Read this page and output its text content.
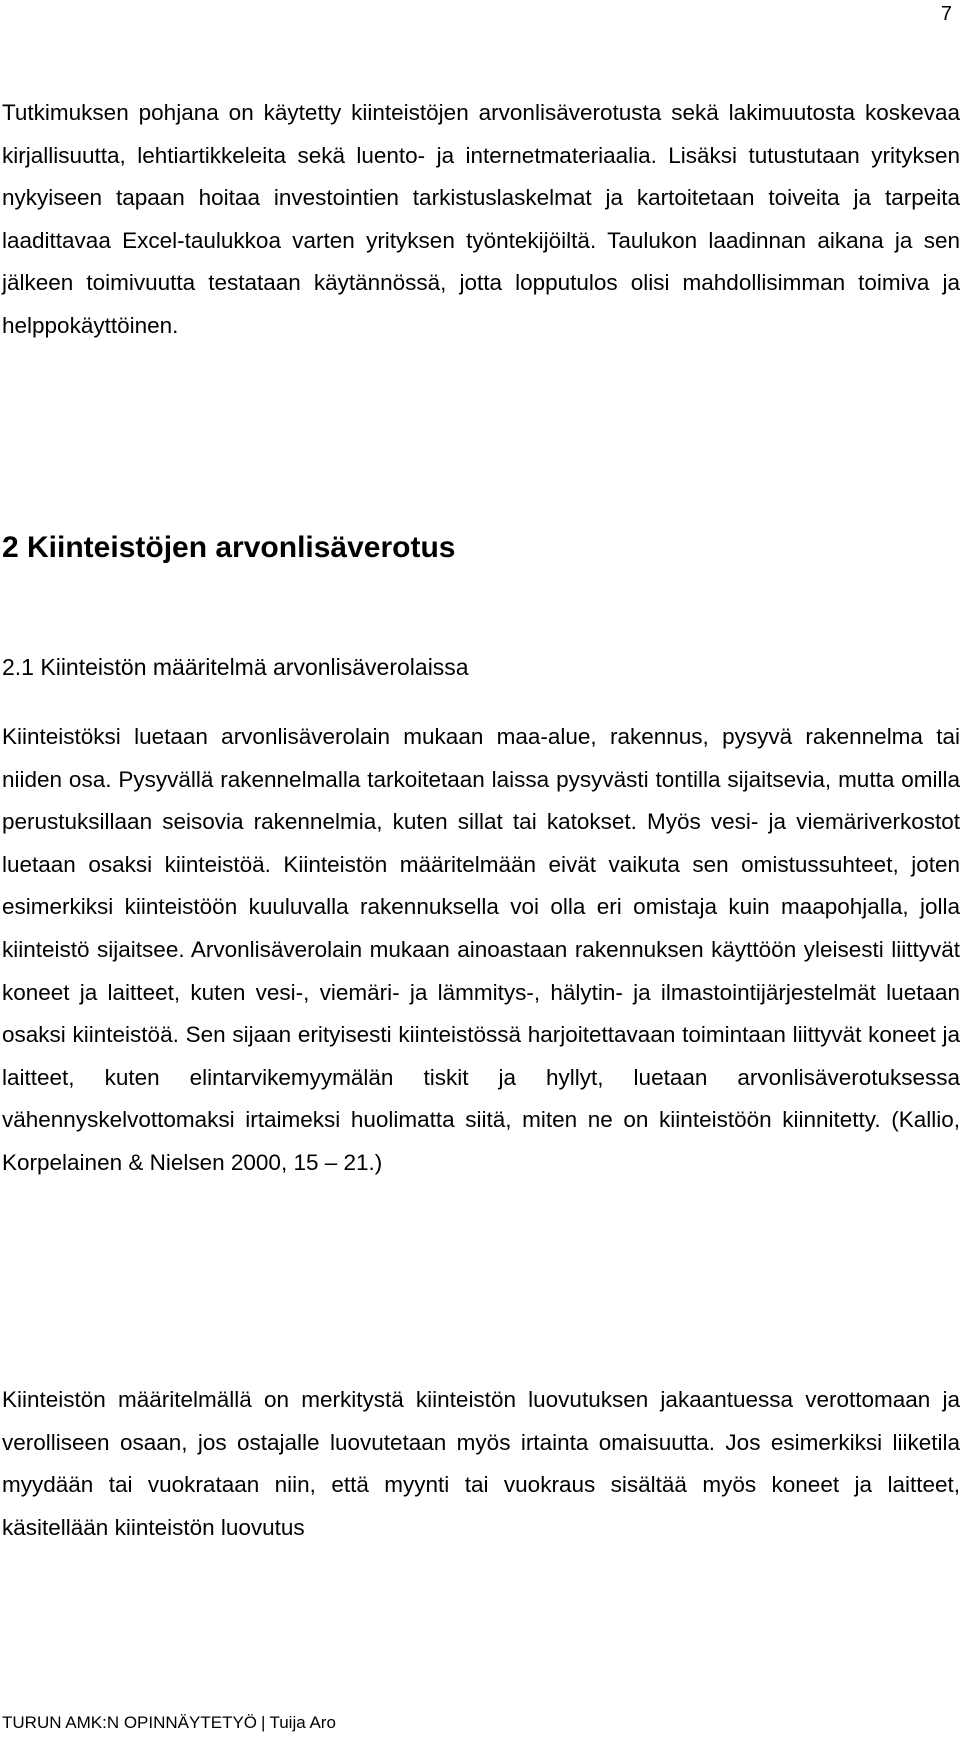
7

Tutkimuksen pohjana on käytetty kiinteistöjen arvonlisäverotusta sekä lakimuutosta koskevaa kirjallisuutta, lehtiartikkeleita sekä luento- ja internetmateriaalia. Lisäksi tutustutaan yrityksen nykyiseen tapaan hoitaa investointien tarkistuslaskelmat ja kartoitetaan toiveita ja tarpeita laadittavaa Excel-taulukkoa varten yrityksen työntekijöiltä. Taulukon laadinnan aikana ja sen jälkeen toimivuutta testataan käytännössä, jotta lopputulos olisi mahdollisimman toimiva ja helppokäyttöinen.

2 Kiinteistöjen arvonlisäverotus
2.1 Kiinteistön määritelmä arvonlisäverolaissa

Kiinteistöksi luetaan arvonlisäverolain mukaan maa-alue, rakennus, pysyvä rakennelma tai niiden osa. Pysyvällä rakennelmalla tarkoitetaan laissa pysyvästi tontilla sijaitsevia, mutta omilla perustuksillaan seisovia rakennelmia, kuten sillat tai katokset. Myös vesi- ja viemäriverkostot luetaan osaksi kiinteistöä. Kiinteistön määritelmään eivät vaikuta sen omistussuhteet, joten esimerkiksi kiinteistöön kuuluvalla rakennuksella voi olla eri omistaja kuin maapohjalla, jolla kiinteistö sijaitsee. Arvonlisäverolain mukaan ainoastaan rakennuksen käyttöön yleisesti liittyvät koneet ja laitteet, kuten vesi-, viemäri- ja lämmitys-, hälytin- ja ilmastointijärjestelmät luetaan osaksi kiinteistöä. Sen sijaan erityisesti kiinteistössä harjoitettavaan toimintaan liittyvät koneet ja laitteet, kuten elintarvikemyymälän tiskit ja hyllyt, luetaan arvonlisäverotuksessa vähennyskelvottomaksi irtaimeksi huolimatta siitä, miten ne on kiinteistöön kiinnitetty. (Kallio, Korpelainen & Nielsen 2000, 15 – 21.)

Kiinteistön määritelmällä on merkitystä kiinteistön luovutuksen jakaantuessa verottomaan ja verolliseen osaan, jos ostajalle luovutetaan myös irtainta omaisuutta. Jos esimerkiksi liiketila myydään tai vuokrataan niin, että myynti tai vuokraus sisältää myös koneet ja laitteet, käsitellään kiinteistön luovutus

TURUN AMK:N OPINNÄYTETYÖ | Tuija Aro
